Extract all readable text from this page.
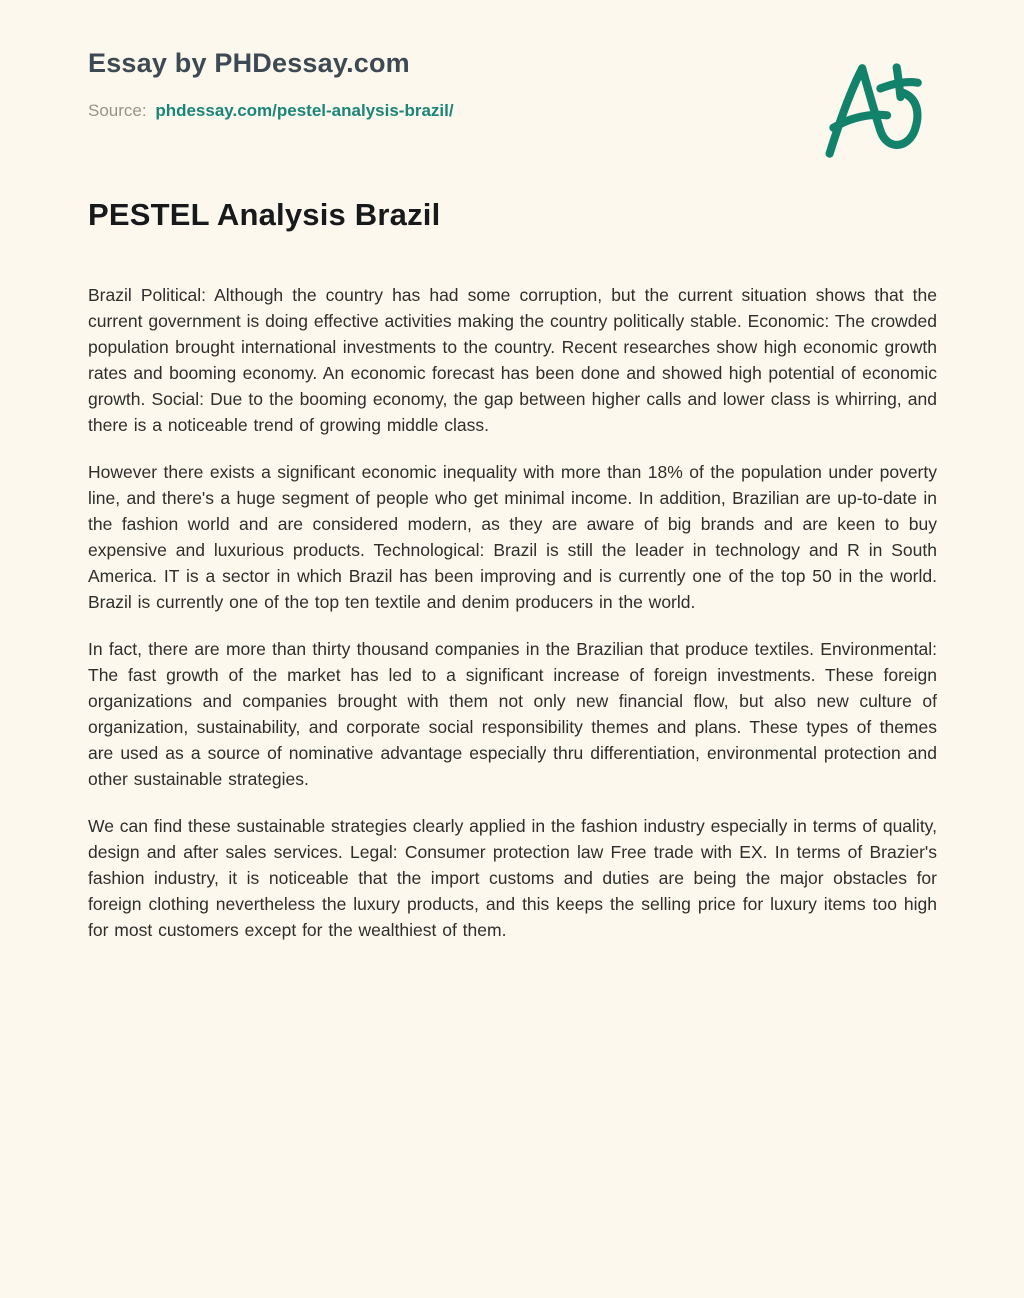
Essay by PHDessay.com
Source: phdessay.com/pestel-analysis-brazil/
PESTEL Analysis Brazil

Brazil Political: Although the country has had some corruption, but the current situation shows that the current government is doing effective activities making the country politically stable. Economic: The crowded population brought international investments to the country. Recent researches show high economic growth rates and booming economy. An economic forecast has been done and showed high potential of economic growth. Social: Due to the booming economy, the gap between higher calls and lower class is whirring, and there is a noticeable trend of growing middle class.

However there exists a significant economic inequality with more than 18% of the population under poverty line, and there's a huge segment of people who get minimal income. In addition, Brazilian are up-to-date in the fashion world and are considered modern, as they are aware of big brands and are keen to buy expensive and luxurious products. Technological: Brazil is still the leader in technology and R in South America. IT is a sector in which Brazil has been improving and is currently one of the top 50 in the world. Brazil is currently one of the top ten textile and denim producers in the world.

In fact, there are more than thirty thousand companies in the Brazilian that produce textiles. Environmental: The fast growth of the market has led to a significant increase of foreign investments. These foreign organizations and companies brought with them not only new financial flow, but also new culture of organization, sustainability, and corporate social responsibility themes and plans. These types of themes are used as a source of nominative advantage especially thru differentiation, environmental protection and other sustainable strategies.

We can find these sustainable strategies clearly applied in the fashion industry especially in terms of quality, design and after sales services. Legal: Consumer protection law Free trade with EX. In terms of Brazier's fashion industry, it is noticeable that the import customs and duties are being the major obstacles for foreign clothing nevertheless the luxury products, and this keeps the selling price for luxury items too high for most customers except for the wealthiest of them.
